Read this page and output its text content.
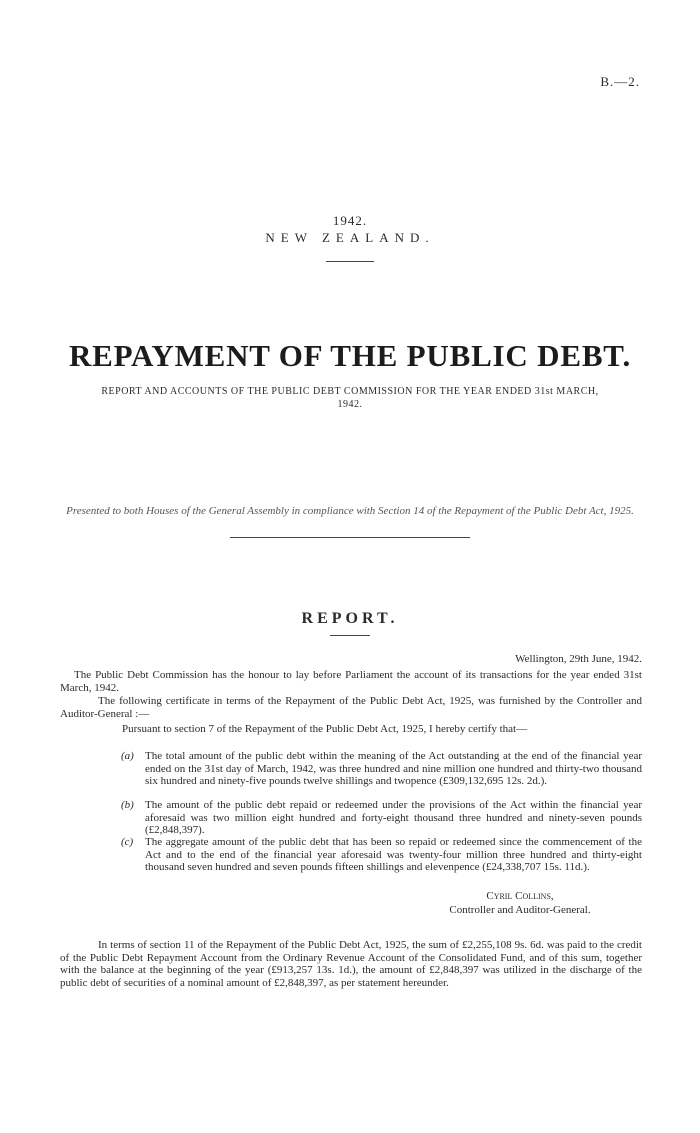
B.—2.
1942.
NEW ZEALAND.
REPAYMENT OF THE PUBLIC DEBT.
REPORT AND ACCOUNTS OF THE PUBLIC DEBT COMMISSION FOR THE YEAR ENDED 31st MARCH, 1942.
Presented to both Houses of the General Assembly in compliance with Section 14 of the Repayment of the Public Debt Act, 1925.
REPORT.
Wellington, 29th June, 1942.
The Public Debt Commission has the honour to lay before Parliament the account of its transactions for the year ended 31st March, 1942.
The following certificate in terms of the Repayment of the Public Debt Act, 1925, was furnished by the Controller and Auditor-General :—
Pursuant to section 7 of the Repayment of the Public Debt Act, 1925, I hereby certify that—
(a) The total amount of the public debt within the meaning of the Act outstanding at the end of the financial year ended on the 31st day of March, 1942, was three hundred and nine million one hundred and thirty-two thousand six hundred and ninety-five pounds twelve shillings and twopence (£309,132,695 12s. 2d.).
(b) The amount of the public debt repaid or redeemed under the provisions of the Act within the financial year aforesaid was two million eight hundred and forty-eight thousand three hundred and ninety-seven pounds (£2,848,397).
(c) The aggregate amount of the public debt that has been so repaid or redeemed since the commencement of the Act and to the end of the financial year aforesaid was twenty-four million three hundred and thirty-eight thousand seven hundred and seven pounds fifteen shillings and elevenpence (£24,338,707 15s. 11d.).
Cyril Collins,
Controller and Auditor-General.
In terms of section 11 of the Repayment of the Public Debt Act, 1925, the sum of £2,255,108 9s. 6d. was paid to the credit of the Public Debt Repayment Account from the Ordinary Revenue Account of the Consolidated Fund, and of this sum, together with the balance at the beginning of the year (£913,257 13s. 1d.), the amount of £2,848,397 was utilized in the discharge of the public debt of securities of a nominal amount of £2,848,397, as per statement hereunder.
